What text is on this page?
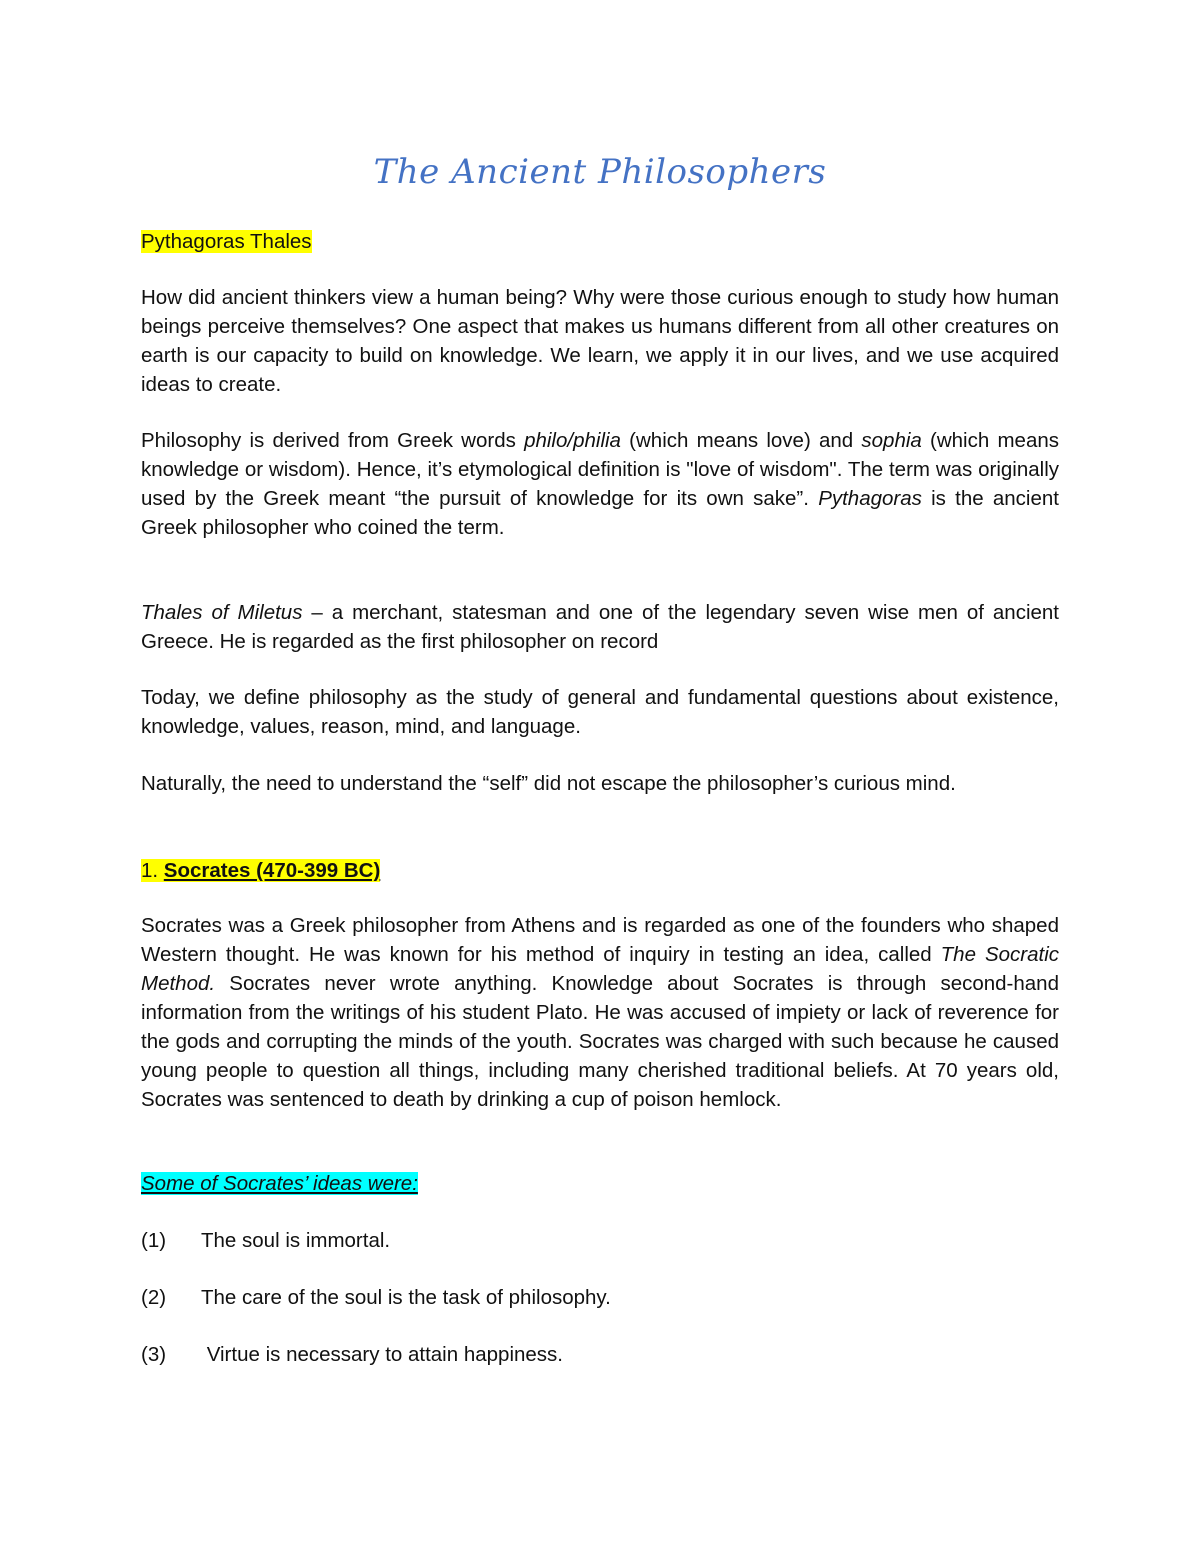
The Ancient Philosophers
Pythagoras Thales
How did ancient thinkers view a human being? Why were those curious enough to study how human beings perceive themselves? One aspect that makes us humans different from all other creatures on earth is our capacity to build on knowledge. We learn, we apply it in our lives, and we use acquired ideas to create.
Philosophy is derived from Greek words philo/philia (which means love) and sophia (which means knowledge or wisdom). Hence, it’s etymological definition is "love of wisdom". The term was originally used by the Greek meant “the pursuit of knowledge for its own sake”. Pythagoras is the ancient Greek philosopher who coined the term.
Thales of Miletus – a merchant, statesman and one of the legendary seven wise men of ancient Greece. He is regarded as the first philosopher on record
Today, we define philosophy as the study of general and fundamental questions about existence, knowledge, values, reason, mind, and language.
Naturally, the need to understand the “self” did not escape the philosopher’s curious mind.
1. Socrates (470-399 BC)
Socrates was a Greek philosopher from Athens and is regarded as one of the founders who shaped Western thought. He was known for his method of inquiry in testing an idea, called The Socratic Method. Socrates never wrote anything. Knowledge about Socrates is through second-hand information from the writings of his student Plato. He was accused of impiety or lack of reverence for the gods and corrupting the minds of the youth. Socrates was charged with such because he caused young people to question all things, including many cherished traditional beliefs. At 70 years old, Socrates was sentenced to death by drinking a cup of poison hemlock.
Some of Socrates’ ideas were:
(1) The soul is immortal.
(2) The care of the soul is the task of philosophy.
(3) Virtue is necessary to attain happiness.
